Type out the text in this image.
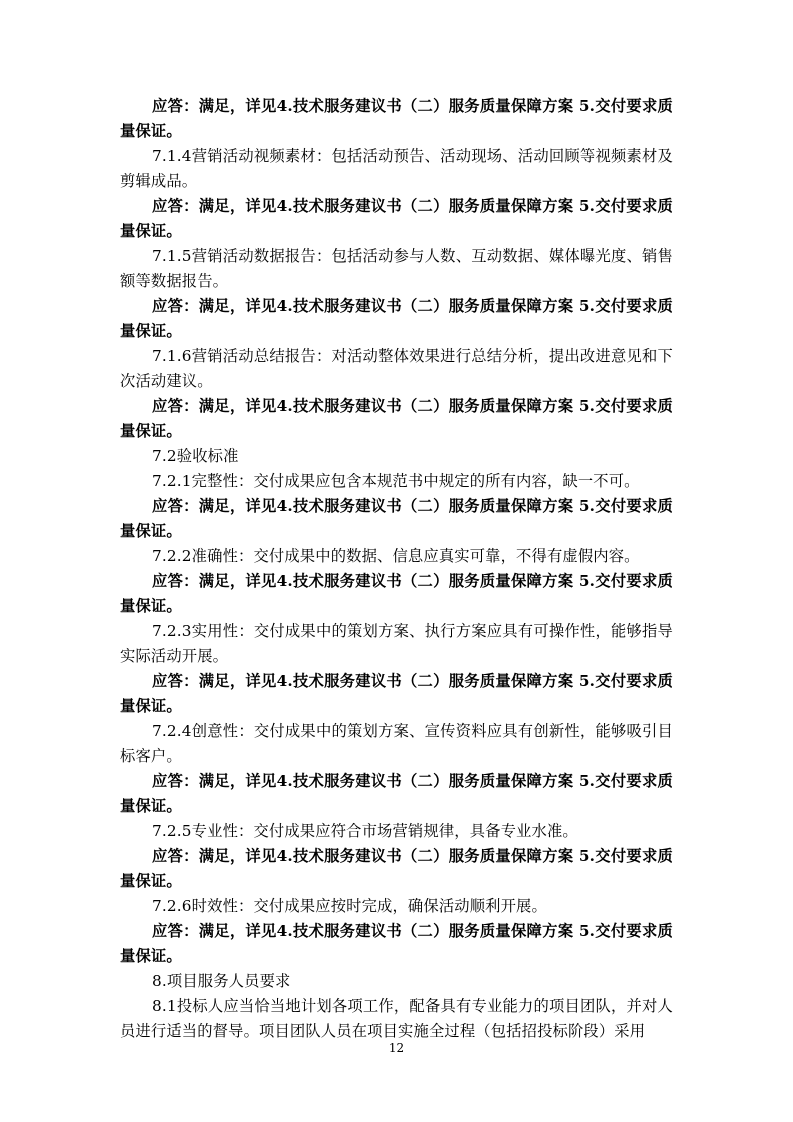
应答：满足，详见4.技术服务建议书（二）服务质量保障方案 5.交付要求质量保证。

7.1.4营销活动视频素材：包括活动预告、活动现场、活动回顾等视频素材及剪辑成品。

应答：满足，详见4.技术服务建议书（二）服务质量保障方案 5.交付要求质量保证。

7.1.5营销活动数据报告：包括活动参与人数、互动数据、媒体曝光度、销售额等数据报告。

应答：满足，详见4.技术服务建议书（二）服务质量保障方案 5.交付要求质量保证。

7.1.6营销活动总结报告：对活动整体效果进行总结分析，提出改进意见和下次活动建议。

应答：满足，详见4.技术服务建议书（二）服务质量保障方案 5.交付要求质量保证。

7.2验收标准

7.2.1完整性：交付成果应包含本规范书中规定的所有内容，缺一不可。

应答：满足，详见4.技术服务建议书（二）服务质量保障方案 5.交付要求质量保证。

7.2.2准确性：交付成果中的数据、信息应真实可靠，不得有虚假内容。

应答：满足，详见4.技术服务建议书（二）服务质量保障方案 5.交付要求质量保证。

7.2.3实用性：交付成果中的策划方案、执行方案应具有可操作性，能够指导实际活动开展。

应答：满足，详见4.技术服务建议书（二）服务质量保障方案 5.交付要求质量保证。

7.2.4创意性：交付成果中的策划方案、宣传资料应具有创新性，能够吸引目标客户。

应答：满足，详见4.技术服务建议书（二）服务质量保障方案 5.交付要求质量保证。

7.2.5专业性：交付成果应符合市场营销规律，具备专业水准。

应答：满足，详见4.技术服务建议书（二）服务质量保障方案 5.交付要求质量保证。

7.2.6时效性：交付成果应按时完成，确保活动顺利开展。

应答：满足，详见4.技术服务建议书（二）服务质量保障方案 5.交付要求质量保证。

8.项目服务人员要求

8.1投标人应当恰当地计划各项工作，配备具有专业能力的项目团队，并对人员进行适当的督导。项目团队人员在项目实施全过程（包括招投标阶段）采用

12
